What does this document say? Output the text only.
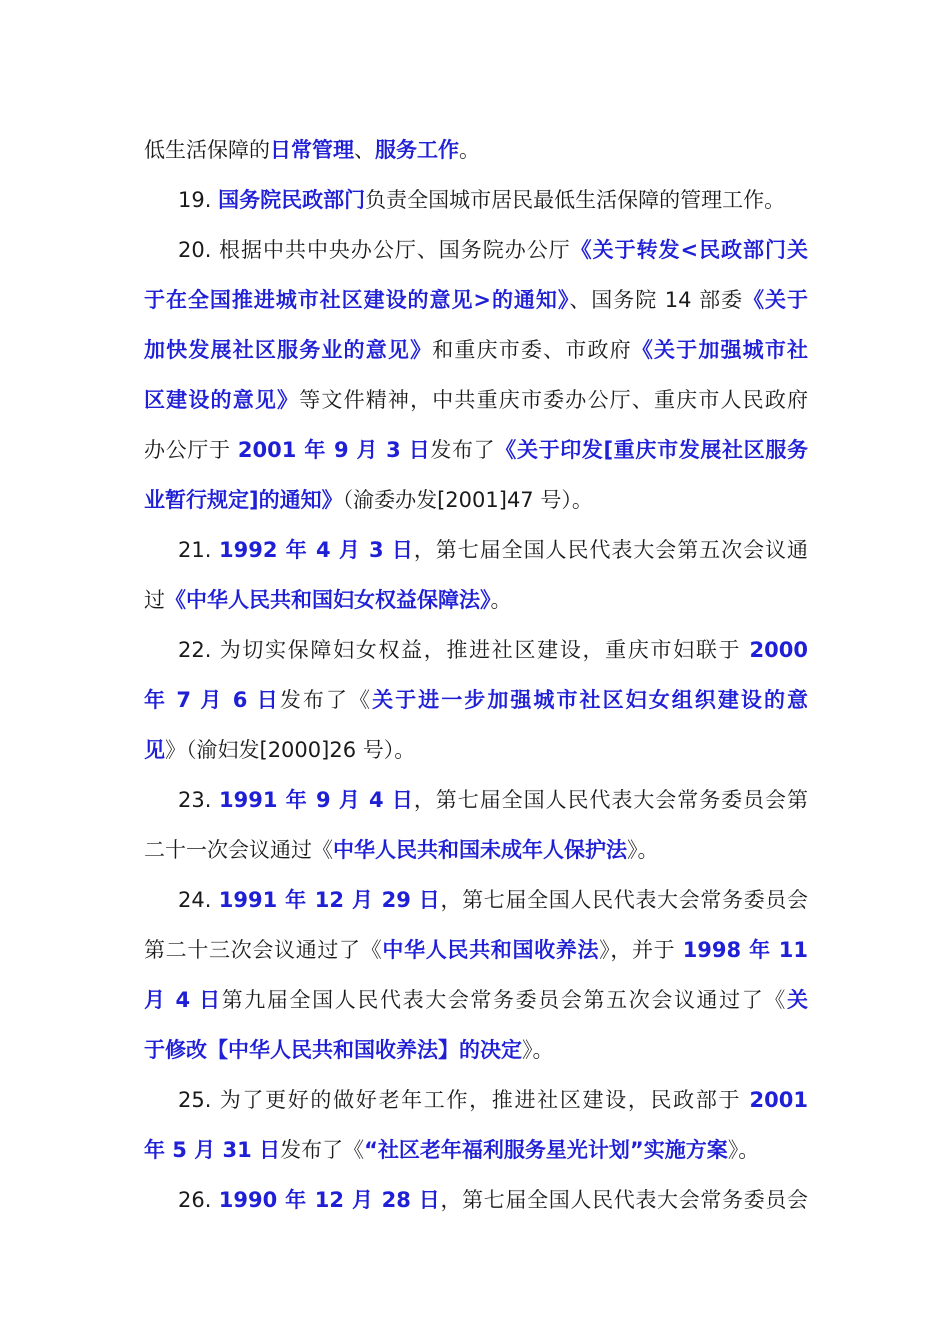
低生活保障的日常管理、服务工作。
19. 国务院民政部门负责全国城市居民最低生活保障的管理工作。
20. 根据中共中央办公厅、国务院办公厅《关于转发<民政部门关
于在全国推进城市社区建设的意见>的通知》、国务院 14 部委《关于
加快发展社区服务业的意见》和重庆市委、市政府《关于加强城市社
区建设的意见》等文件精神，中共重庆市委办公厅、重庆市人民政府
办公厅于 2001 年 9 月 3 日发布了《关于印发[重庆市发展社区服务
业暂行规定]的通知》（渝委办发[2001]47 号）。
21. 1992 年 4 月 3 日，第七届全国人民代表大会第五次会议通
过《中华人民共和国妇女权益保障法》。
22. 为切实保障妇女权益，推进社区建设，重庆市妇联于 2000
年 7 月 6 日发布了《关于进一步加强城市社区妇女组织建设的意
见》（渝妇发[2000]26 号）。
23. 1991 年 9 月 4 日，第七届全国人民代表大会常务委员会第
二十一次会议通过《中华人民共和国未成年人保护法》。
24. 1991 年 12 月 29 日，第七届全国人民代表大会常务委员会
第二十三次会议通过了《中华人民共和国收养法》，并于 1998 年 11
月 4 日第九届全国人民代表大会常务委员会第五次会议通过了《关
于修改【中华人民共和国收养法】的决定》。
25. 为了更好的做好老年工作，推进社区建设，民政部于 2001
年 5 月 31 日发布了《“社区老年福利服务星光计划”实施方案》。
26. 1990 年 12 月 28 日，第七届全国人民代表大会常务委员会
